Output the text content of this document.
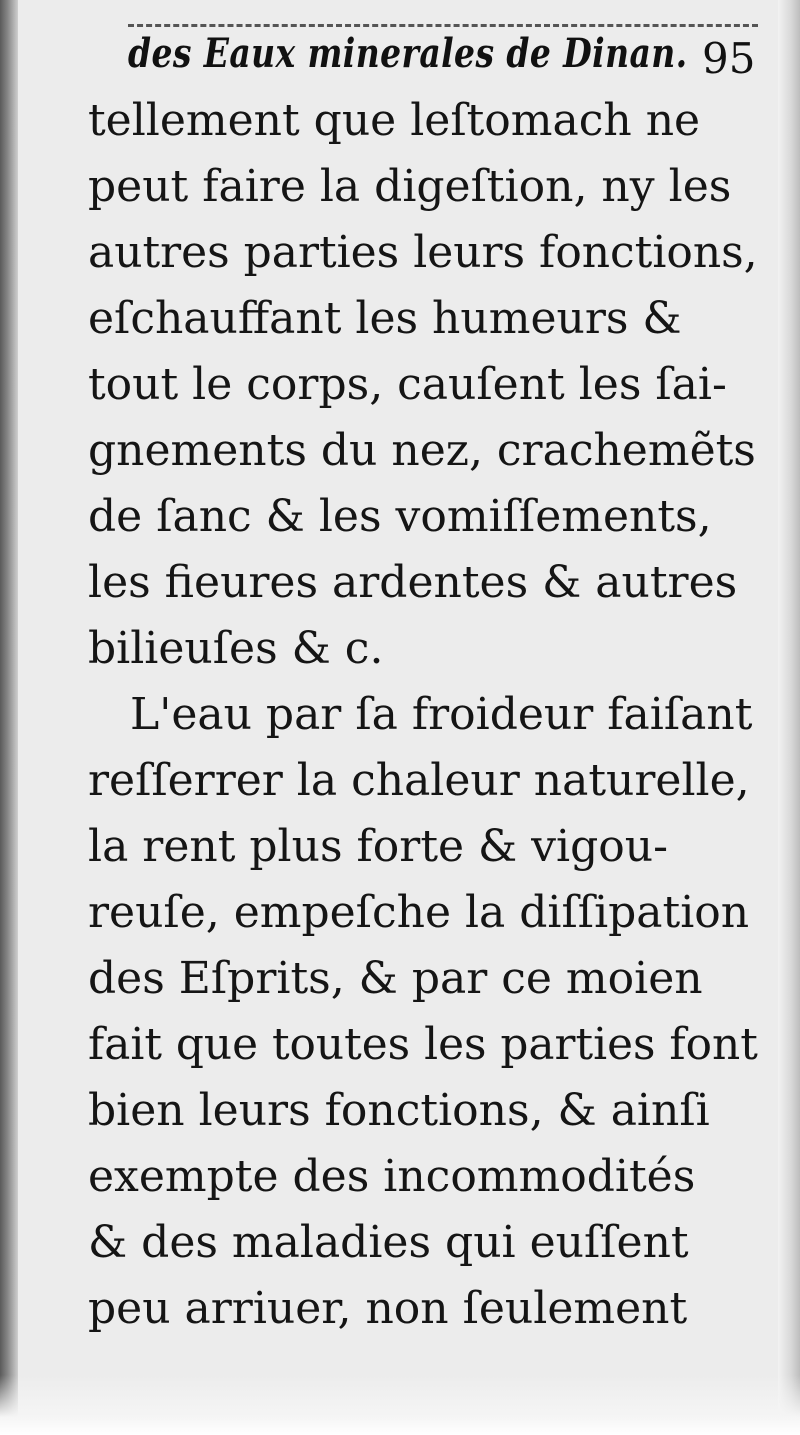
des Eaux minerales de Dinan. 95
tellement que leſtomach ne
peut faire la digeſtion, ny les
autres parties leurs fonctions,
eſchauffant les humeurs &
tout le corps, cauſent les ſai-
gnements du nez, crachemẽts
de ſanc & les vomiſſements,
les fieures ardentes & autres
bilieuſes & c.
L'eau par ſa froideur faiſant
reſſerrer la chaleur naturelle,
la rent plus forte & vigou-
reuſe, empeſche la diſſipation
des Eſprits, & par ce moien
fait que toutes les parties font
bien leurs fonctions, & ainſi
exempte des incommodités
& des maladies qui euſſent
peu arriuer, non ſeulement
